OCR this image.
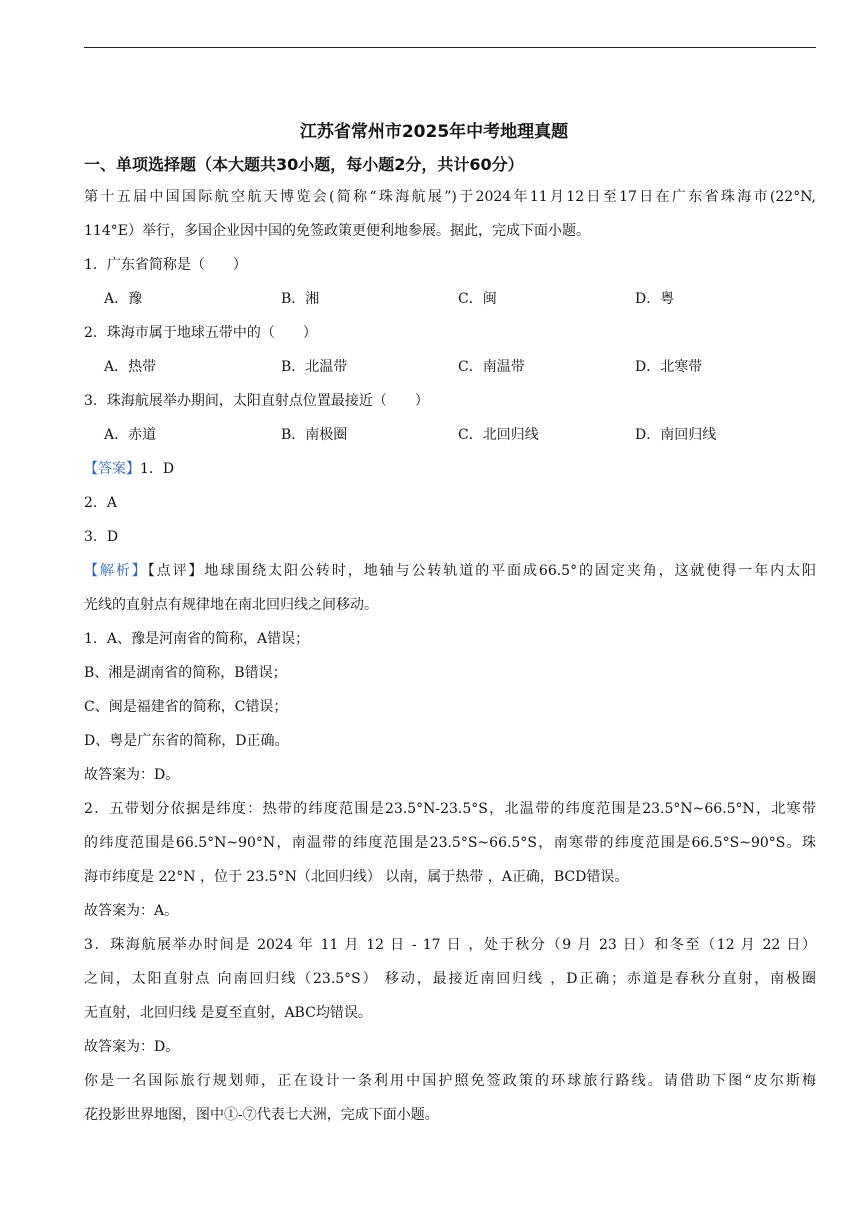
江苏省常州市2025年中考地理真题
一、单项选择题（本大题共30小题，每小题2分，共计60分）
第十五届中国国际航空航天博览会(简称“珠海航展”)于2024年11月12日至17日在广东省珠海市(22°N,
114°E）举行，多国企业因中国的免签政策更便利地参展。据此，完成下面小题。
1．广东省简称是（　　）
A．豫	B．湘	C．闽	D．粤
2．珠海市属于地球五带中的（　　）
A．热带	B．北温带	C．南温带	D．北寒带
3．珠海航展举办期间，太阳直射点位置最接近（　　）
A．赤道	B．南极圈	C．北回归线	D．南回归线
【答案】1．D
2．A
3．D
【解析】【点评】地球围绕太阳公转时，地轴与公转轨道的平面成66.5°的固定夹角，这就使得一年内太阳
光线的直射点有规律地在南北回归线之间移动。
1．A、豫是河南省的简称，A错误；
B、湘是湖南省的简称，B错误；
C、闽是福建省的简称，C错误；
D、粤是广东省的简称，D正确。
故答案为：D。
2．五带划分依据是纬度：热带的纬度范围是23.5°N-23.5°S，北温带的纬度范围是23.5°N~66.5°N，北寒带
的纬度范围是66.5°N~90°N，南温带的纬度范围是23.5°S~66.5°S，南寒带的纬度范围是66.5°S~90°S。珠
海市纬度是 22°N ，位于 23.5°N（北回归线） 以南，属于热带 ，A正确，BCD错误。
故答案为：A。
3．珠海航展举办时间是 2024 年 11 月 12 日 - 17 日 ，处于秋分（9 月 23 日）和冬至（12 月 22 日）
之间，太阳直射点 向南回归线（23.5°S） 移动，最接近南回归线 ，D正确；赤道是春秋分直射，南极圈
无直射，北回归线 是夏至直射，ABC均错误。
故答案为：D。
你是一名国际旅行规划师，正在设计一条利用中国护照免签政策的环球旅行路线。请借助下图“皮尔斯梅
花投影世界地图，图中①-⑦代表七大洲，完成下面小题。
